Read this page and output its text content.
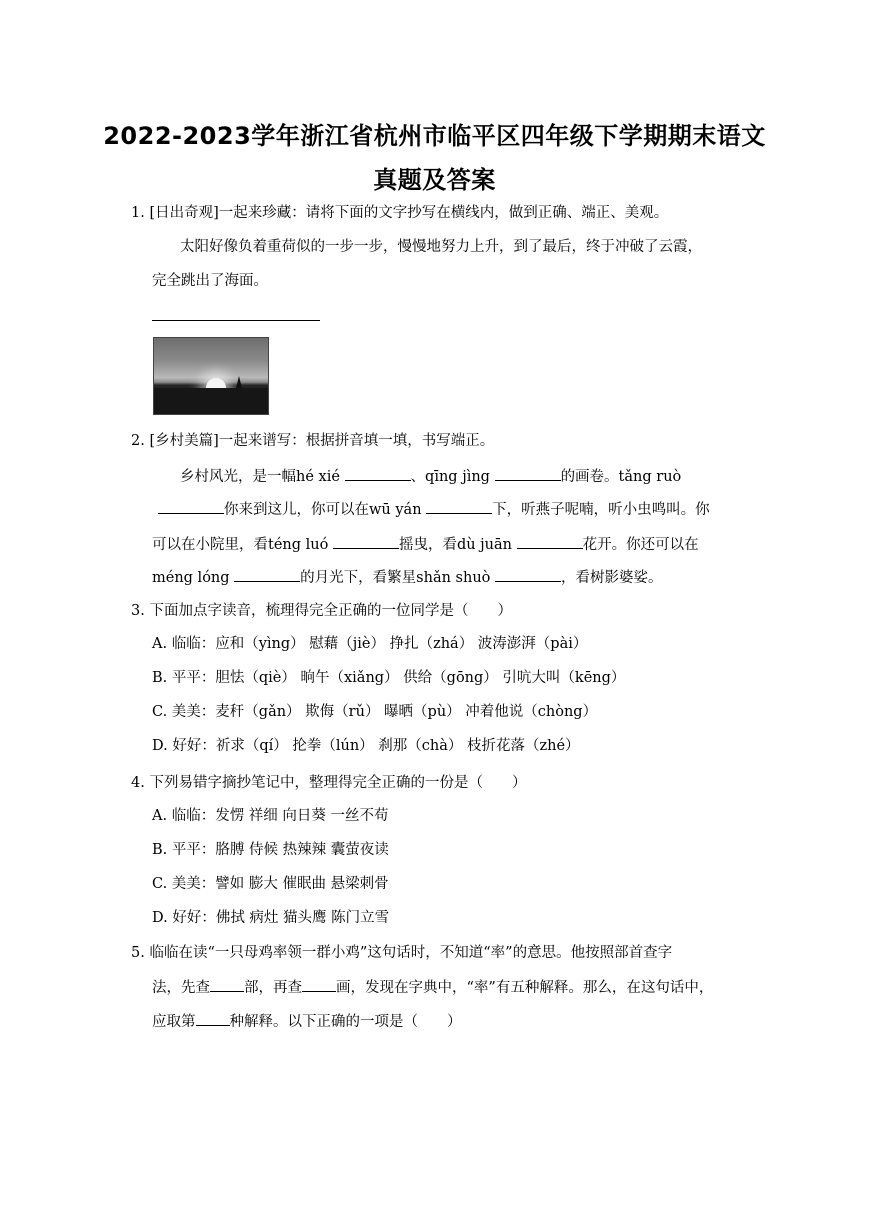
2022-2023学年浙江省杭州市临平区四年级下学期期末语文
真题及答案
1. [日出奇观]一起来珍藏：请将下面的文字抄写在横线内，做到正确、端正、美观。
太阳好像负着重荷似的一步一步，慢慢地努力上升，到了最后，终于冲破了云霞，
完全跳出了海面。
2. [乡村美篇]一起来谱写：根据拼音填一填，书写端正。
乡村风光，是一幅hé xié	、qīng jìng	的画卷。tǎng ruò
你来到这儿，你可以在wū yán	下，听燕子呢喃，听小虫鸣叫。你
可以在小院里，看téng luó	摇曳，看dù juān	花开。你还可以在
méng lóng	的月光下，看繁星shǎn shuò	，看树影婆娑。
3. 下面加点字读音，梳理得完全正确的一位同学是（　　）
A. 临临：应和（yìng） 慰藉（jiè） 挣扎（zhá） 波涛澎湃（pài）
B. 平平：胆怯（qiè） 晌午（xiǎng） 供给（gōng） 引吭大叫（kēng）
C. 美美：麦秆（gǎn） 欺侮（rǔ） 曝晒（pù） 冲着他说（chòng）
D. 好好：祈求（qí） 抡拳（lún） 刹那（chà） 枝折花落（zhé）
4. 下列易错字摘抄笔记中，整理得完全正确的一份是（　　）
A. 临临：发愣 祥细 向日葵 一丝不苟
B. 平平：胳膊 侍候 热辣辣 囊萤夜读
C. 美美：譬如 膨大 催眠曲 悬梁刺骨
D. 好好：佛拭 病灶 猫头鹰 陈门立雪
5. 临临在读“一只母鸡率领一群小鸡”这句话时，不知道“率”的意思。他按照部首查字
法，先查 部，再查 画，发现在字典中，“率”有五种解释。那么，在这句话中，
应取第 种解释。以下正确的一项是（　　）
